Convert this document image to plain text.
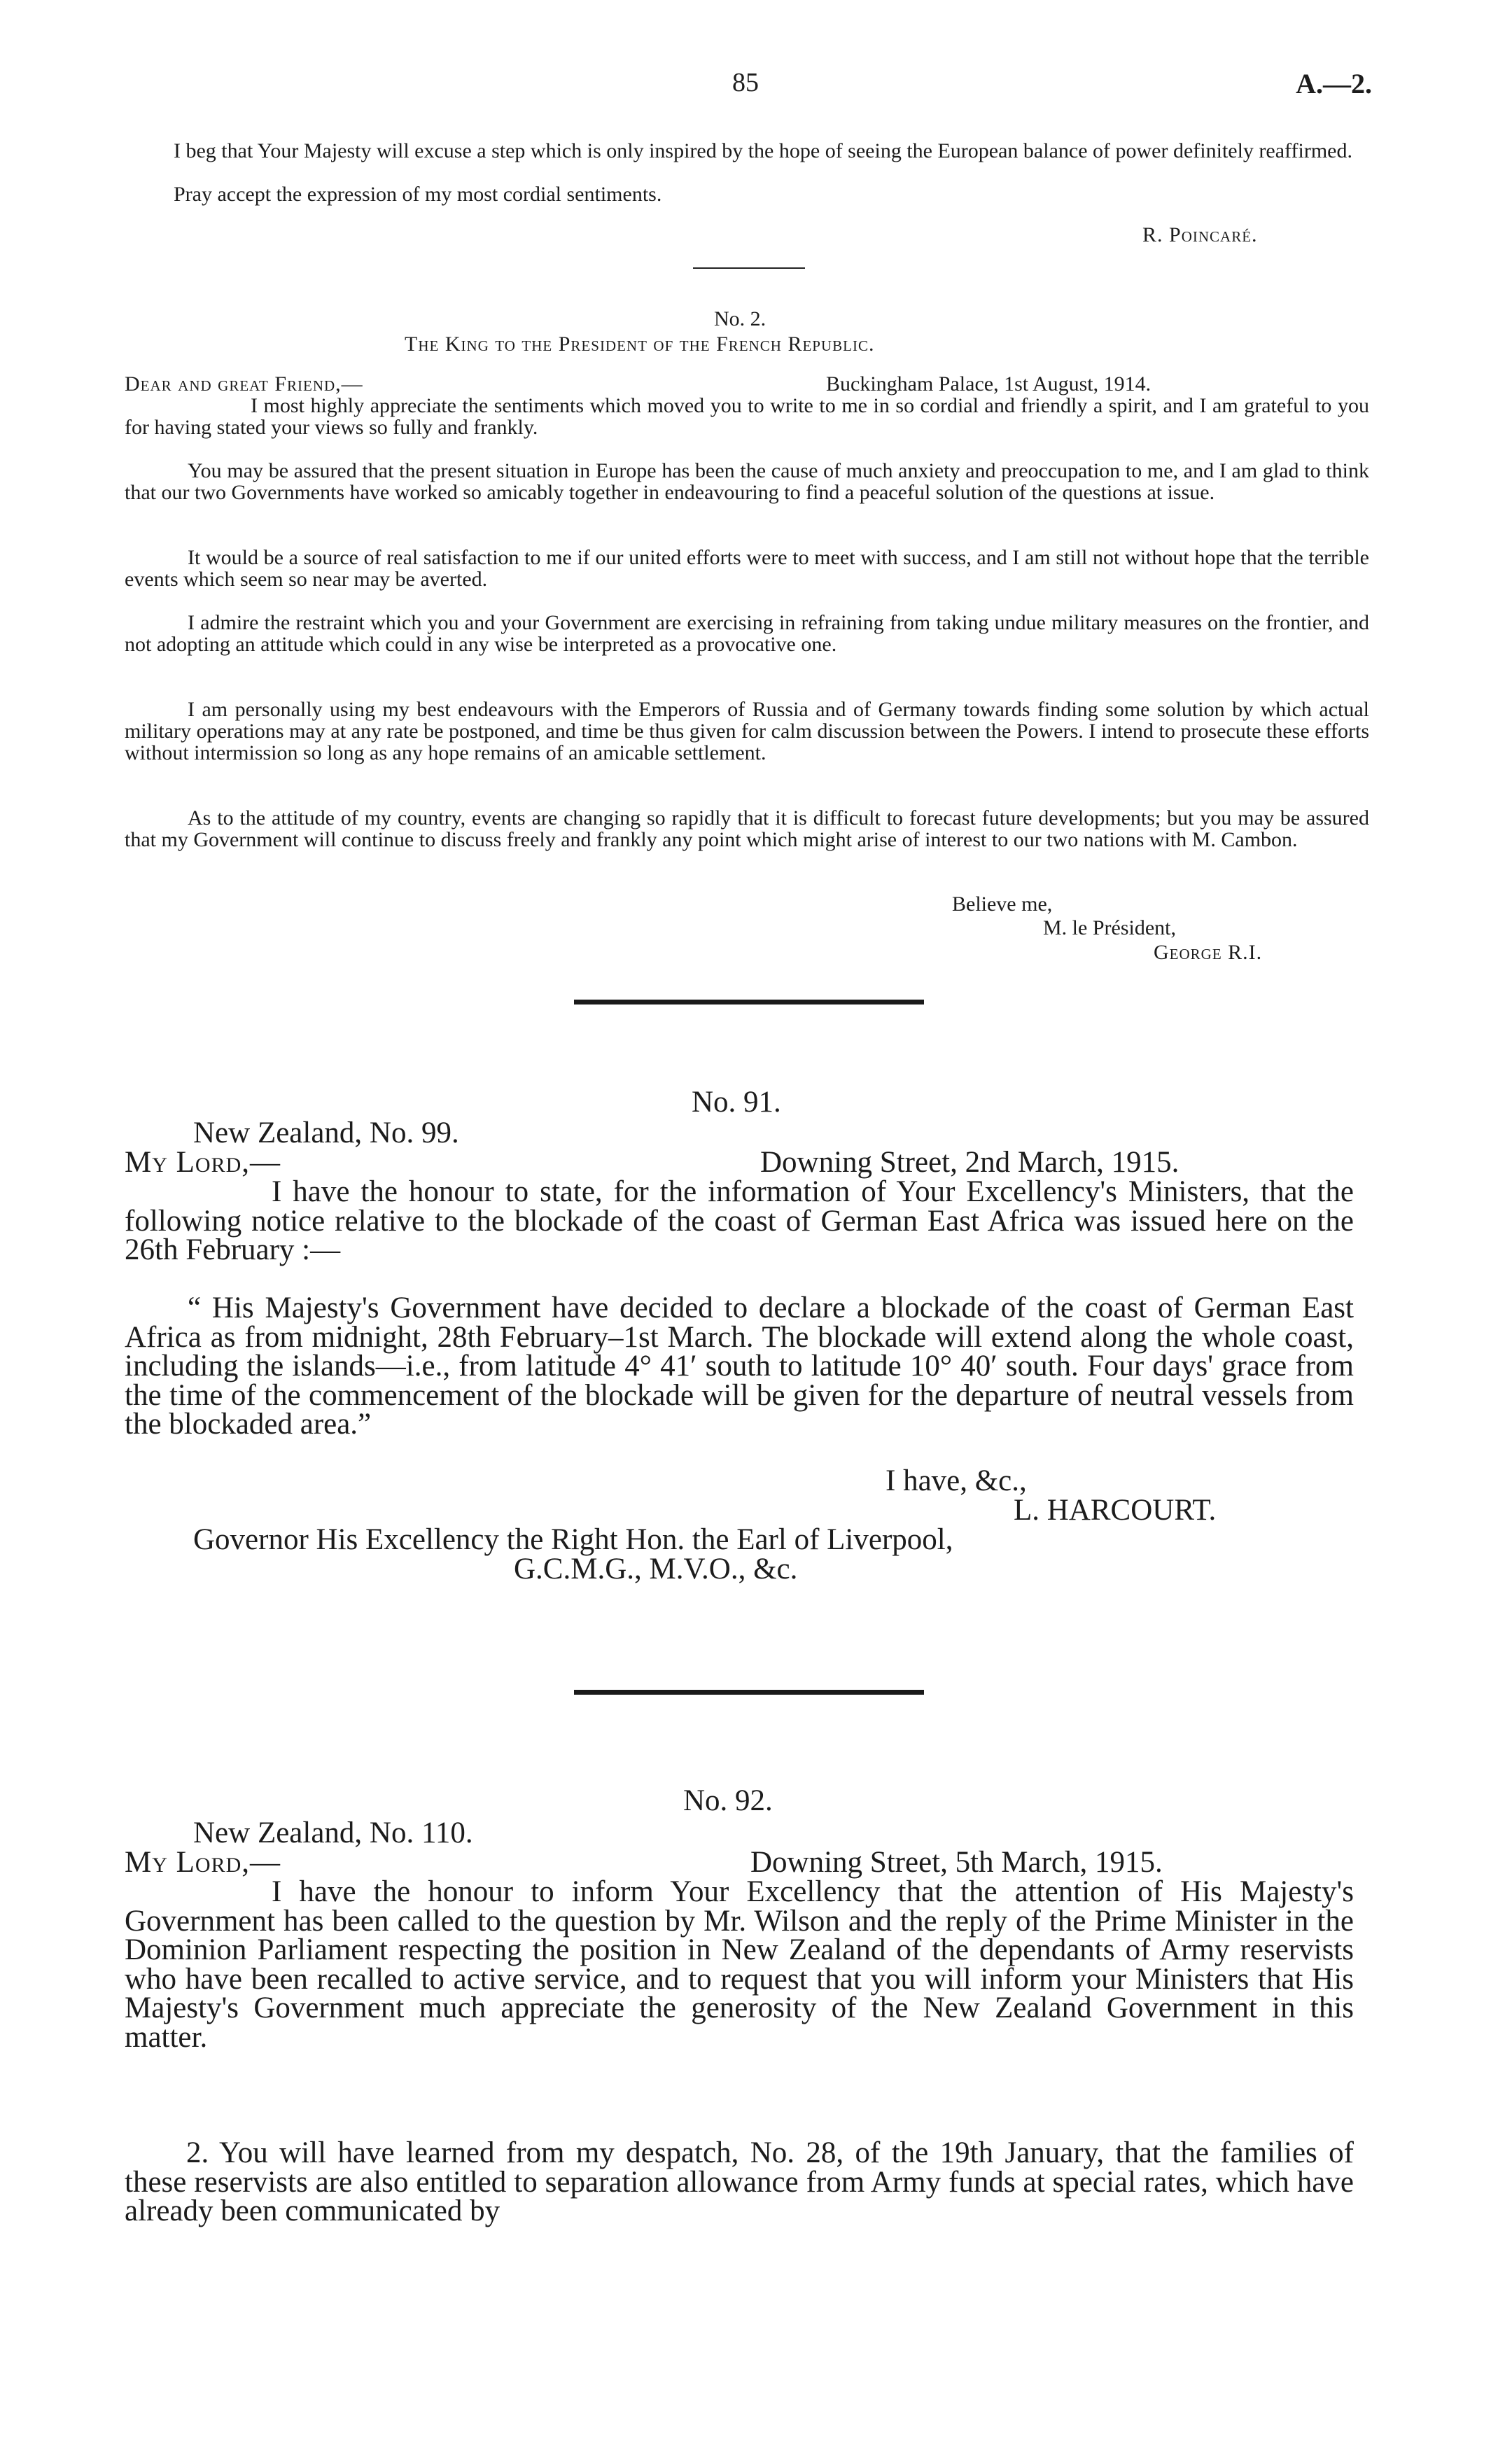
85	A.—2.
I beg that Your Majesty will excuse a step which is only inspired by the hope of seeing the European balance of power definitely reaffirmed.
Pray accept the expression of my most cordial sentiments.
R. Poincaré.
No. 2.
The King to the President of the French Republic.
Dear and great Friend,—	Buckingham Palace, 1st August, 1914.
I most highly appreciate the sentiments which moved you to write to me in so cordial and friendly a spirit, and I am grateful to you for having stated your views so fully and frankly.
You may be assured that the present situation in Europe has been the cause of much anxiety and preoccupation to me, and I am glad to think that our two Governments have worked so amicably together in endeavouring to find a peaceful solution of the questions at issue.
It would be a source of real satisfaction to me if our united efforts were to meet with success, and I am still not without hope that the terrible events which seem so near may be averted.
I admire the restraint which you and your Government are exercising in refraining from taking undue military measures on the frontier, and not adopting an attitude which could in any wise be interpreted as a provocative one.
I am personally using my best endeavours with the Emperors of Russia and of Germany towards finding some solution by which actual military operations may at any rate be postponed, and time be thus given for calm discussion between the Powers. I intend to prosecute these efforts without intermission so long as any hope remains of an amicable settlement.
As to the attitude of my country, events are changing so rapidly that it is difficult to forecast future developments; but you may be assured that my Government will continue to discuss freely and frankly any point which might arise of interest to our two nations with M. Cambon.
Believe me,
M. le Président,
George R.I.
No. 91.
New Zealand, No. 99.
My Lord,—	Downing Street, 2nd March, 1915.
I have the honour to state, for the information of Your Excellency's Ministers, that the following notice relative to the blockade of the coast of German East Africa was issued here on the 26th February :—
“ His Majesty's Government have decided to declare a blockade of the coast of German East Africa as from midnight, 28th February–1st March. The blockade will extend along the whole coast, including the islands—i.e., from latitude 4° 41′ south to latitude 10° 40′ south. Four days' grace from the time of the commencement of the blockade will be given for the departure of neutral vessels from the blockaded area.”
I have, &c.,
L. HARCOURT.
Governor His Excellency the Right Hon. the Earl of Liverpool,
G.C.M.G., M.V.O., &c.
No. 92.
New Zealand, No. 110.
My Lord,—	Downing Street, 5th March, 1915.
I have the honour to inform Your Excellency that the attention of His Majesty's Government has been called to the question by Mr. Wilson and the reply of the Prime Minister in the Dominion Parliament respecting the position in New Zealand of the dependants of Army reservists who have been recalled to active service, and to request that you will inform your Ministers that His Majesty's Government much appreciate the generosity of the New Zealand Government in this matter.
2. You will have learned from my despatch, No. 28, of the 19th January, that the families of these reservists are also entitled to separation allowance from Army funds at special rates, which have already been communicated by
